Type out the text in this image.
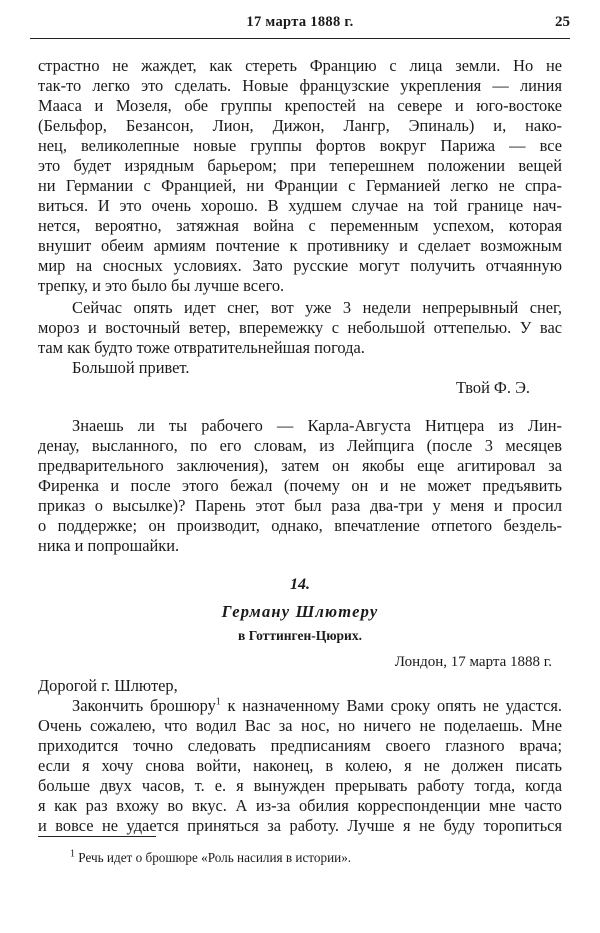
17 марта 1888 г.	25
страстно не жаждет, как стереть Францию с лица земли. Но не
так-то легко это сделать. Новые французские укрепления — линия
Мааса и Мозеля, обе группы крепостей на севере и юго-востоке
(Бельфор, Безансон, Лион, Дижон, Лангр, Эпиналь) и, нако-
нец, великолепные новые группы фортов вокруг Парижа — все
это будет изрядным барьером; при теперешнем положении вещей
ни Германии с Францией, ни Франции с Германией легко не спра-
виться. И это очень хорошо. В худшем случае на той границе нач-
нется, вероятно, затяжная война с переменным успехом, которая
внушит обеим армиям почтение к противнику и сделает возможным
мир на сносных условиях. Зато русские могут получить отчаянную
трепку, и это было бы лучше всего.
Сейчас опять идет снег, вот уже 3 недели непрерывный снег,
мороз и восточный ветер, вперемежку с небольшой оттепелью. У вас
там как будто тоже отвратительнейшая погода.
Большой привет.
Твой Ф. Э.
Знаешь ли ты рабочего — Карла-Августа Нитцера из Лин-
денау, высланного, по его словам, из Лейпцига (после 3 месяцев
предварительного заключения), затем он якобы еще агитировал за
Фиренка и после этого бежал (почему он и не может предъявить
приказ о высылке)? Парень этот был раза два-три у меня и просил
о поддержке; он производит, однако, впечатление отпетого бездель-
ника и попрошайки.
14.
Герману Шлютеру
в Готтинген-Цюрих.
Лондон, 17 марта 1888 г.
Дорогой г. Шлютер,
Закончить брошюру$^1$ к назначенному Вами сроку опять не удастся.
Очень сожалею, что водил Вас за нос, но ничего не поделаешь. Мне
приходится точно следовать предписаниям своего глазного врача;
если я хочу снова войти, наконец, в колею, я не должен писать
больше двух часов, т. е. я вынужден прерывать работу тогда, когда
я как раз вхожу во вкус. А из-за обилия корреспонденции мне часто
и вовсе не удается приняться за работу. Лучше я не буду торопиться
$^1$ Речь идет о брошюре «Роль насилия в истории».
